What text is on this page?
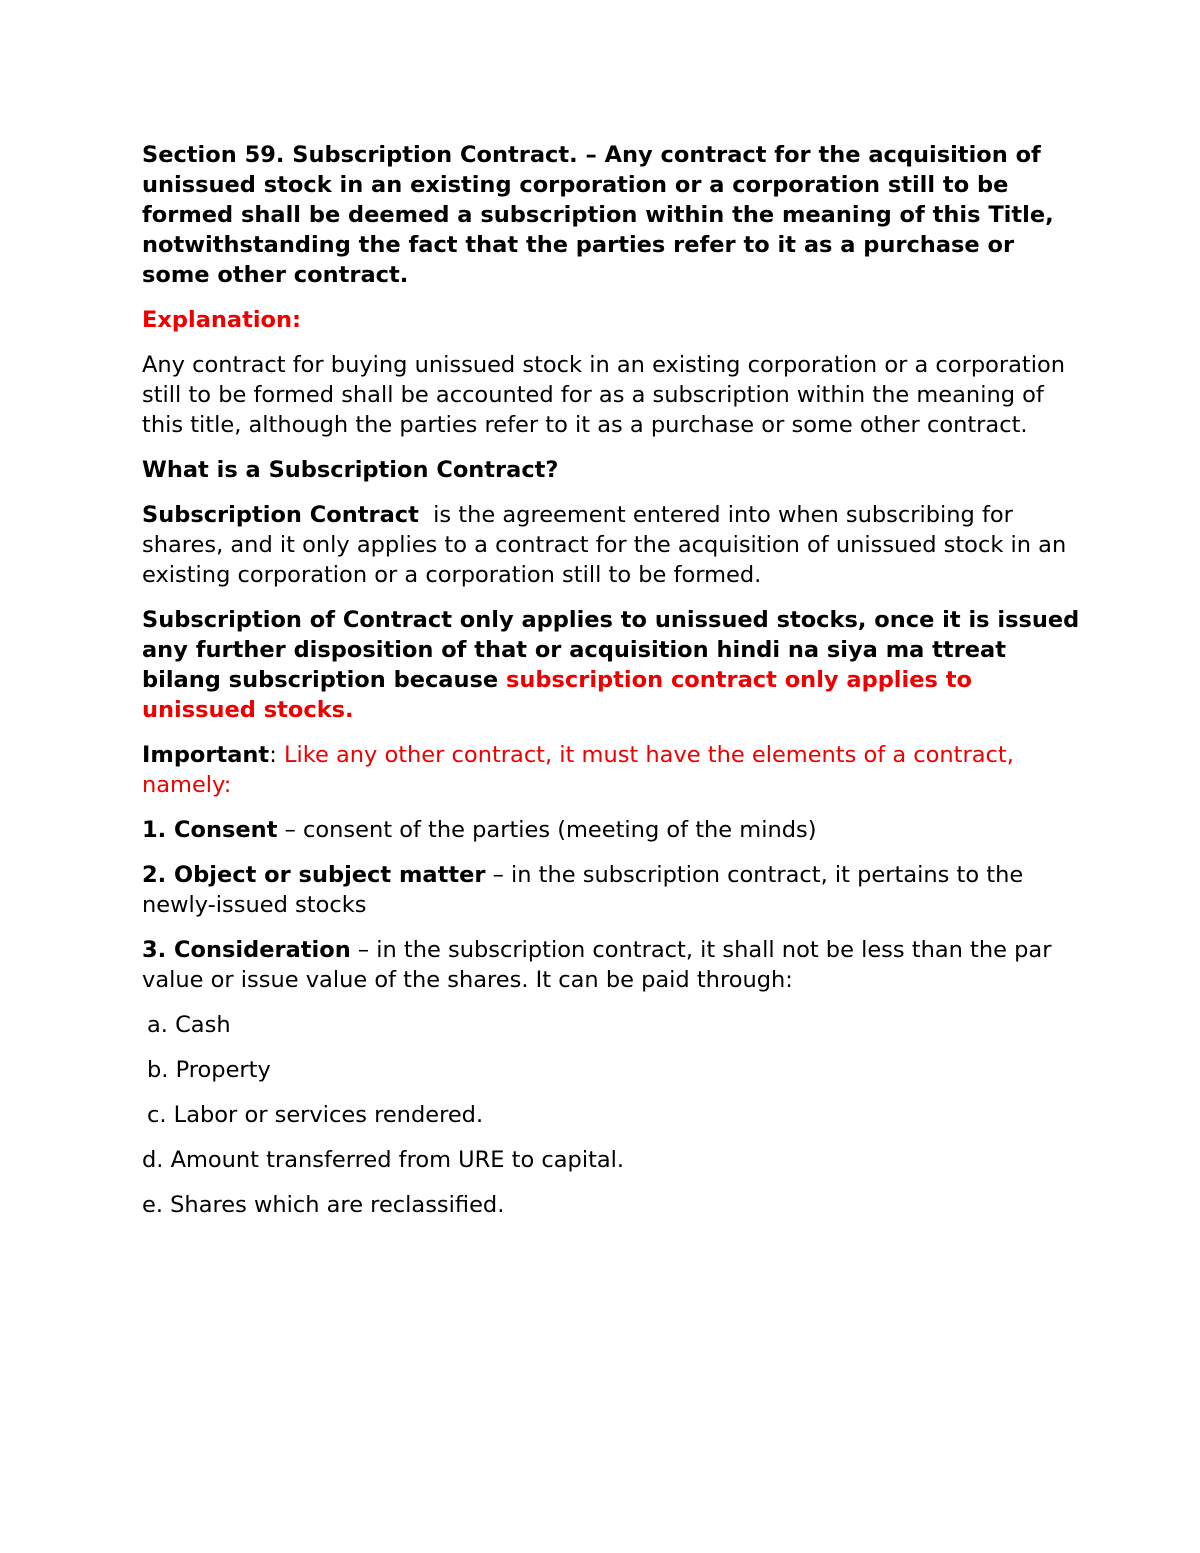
Section 59. Subscription Contract. – Any contract for the acquisition of unissued stock in an existing corporation or a corporation still to be formed shall be deemed a subscription within the meaning of this Title, notwithstanding the fact that the parties refer to it as a purchase or some other contract.

Explanation:

Any contract for buying unissued stock in an existing corporation or a corporation still to be formed shall be accounted for as a subscription within the meaning of this title, although the parties refer to it as a purchase or some other contract.

What is a Subscription Contract?

Subscription Contract  is the agreement entered into when subscribing for shares, and it only applies to a contract for the acquisition of unissued stock in an existing corporation or a corporation still to be formed.

Subscription of Contract only applies to unissued stocks, once it is issued any further disposition of that or acquisition hindi na siya ma ttreat bilang subscription because subscription contract only applies to unissued stocks.

Important: Like any other contract, it must have the elements of a contract, namely:

1. Consent – consent of the parties (meeting of the minds)

2. Object or subject matter – in the subscription contract, it pertains to the newly-issued stocks

3. Consideration – in the subscription contract, it shall not be less than the par value or issue value of the shares. It can be paid through:

a. Cash

b. Property

c. Labor or services rendered.

d. Amount transferred from URE to capital.

e. Shares which are reclassified.
